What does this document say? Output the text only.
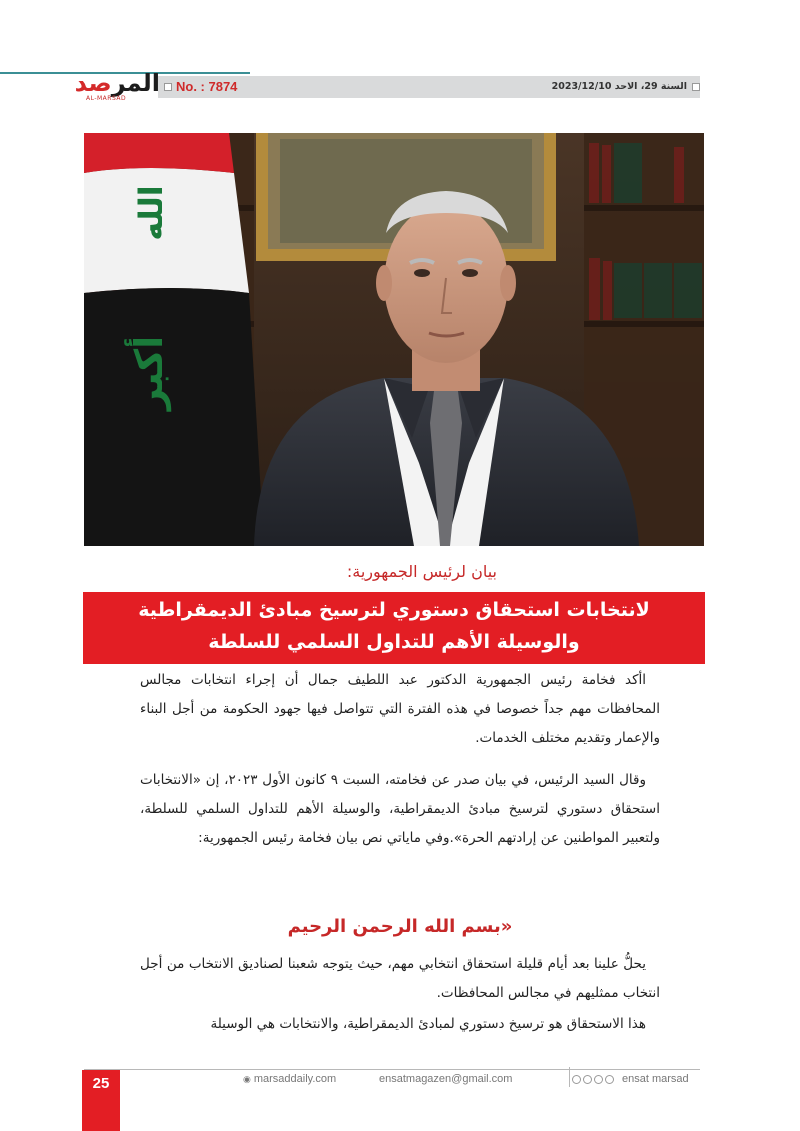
المرصد
AL-MARSAD
No. : 7874	السنة 29، الاحد 2023/12/10
الله
أكبر
بيان لرئيس الجمهورية:
لانتخابات استحقاق دستوري لترسيخ مبادئ الديمقراطية
والوسيلة الأهم للتداول السلمي للسلطة

اأكد فخامة رئيس الجمهورية الدكتور عبد اللطيف جمال أن إجراء انتخابات مجالس المحافظات مهم جداً خصوصا في هذه الفترة التي تتواصل فيها جهود الحكومة من أجل البناء والإعمار وتقديم مختلف الخدمات.

وقال السيد الرئيس، في بيان صدر عن فخامته، السبت ٩ كانون الأول ٢٠٢٣، إن «الانتخابات استحقاق دستوري لترسيخ مبادئ الديمقراطية، والوسيلة الأهم للتداول السلمي للسلطة، ولتعبير المواطنين عن إرادتهم الحرة».وفي ماياتي نص بيان فخامة رئيس الجمهورية:

«بسم الله الرحمن الرحيم

يحلُّ علينا بعد أيام قليلة استحقاق انتخابي مهم، حيث يتوجه شعبنا لصناديق الانتخاب من أجل انتخاب ممثليهم في مجالس المحافظات.

هذا الاستحقاق هو ترسيخ دستوري لمبادئ الديمقراطية، والانتخابات هي الوسيلة

25	◉ marsaddaily.com	ensatmagazen@gmail.com	ensat marsad
